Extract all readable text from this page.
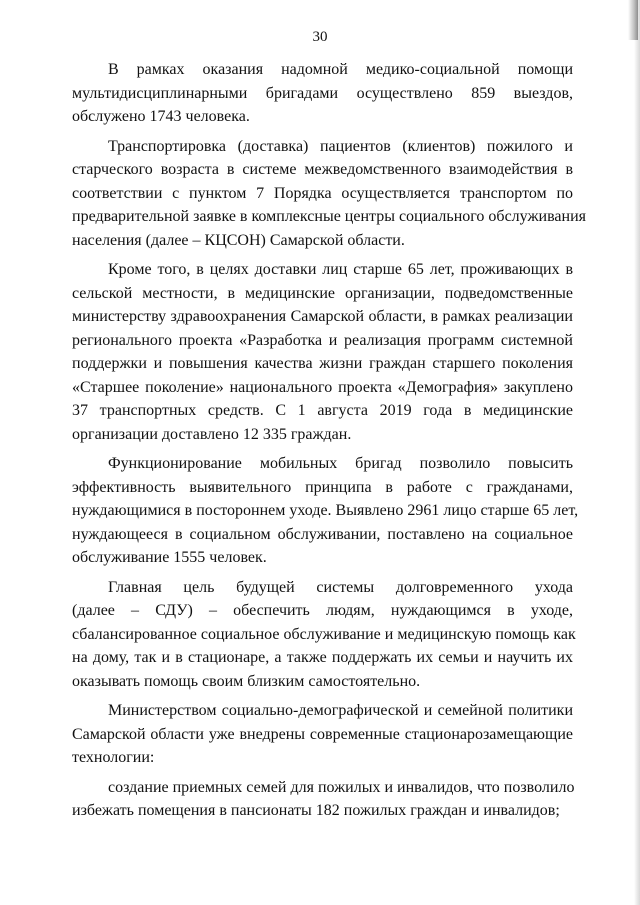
30
В рамках оказания надомной медико-социальной помощи
мультидисциплинарными бригадами осуществлено 859 выездов,
обслужено 1743 человека.
Транспортировка (доставка) пациентов (клиентов) пожилого и
старческого возраста в системе межведомственного взаимодействия в
соответствии с пунктом 7 Порядка осуществляется транспортом по
предварительной заявке в комплексные центры социального обслуживания
населения (далее – КЦСОН) Самарской области.
Кроме того, в целях доставки лиц старше 65 лет, проживающих в
сельской местности, в медицинские организации, подведомственные
министерству здравоохранения Самарской области, в рамках реализации
регионального проекта «Разработка и реализация программ системной
поддержки и повышения качества жизни граждан старшего поколения
«Старшее поколение» национального проекта «Демография» закуплено
37 транспортных средств. С 1 августа 2019 года в медицинские
организации доставлено 12 335 граждан.
Функционирование мобильных бригад позволило повысить
эффективность выявительного принципа в работе с гражданами,
нуждающимися в постороннем уходе. Выявлено 2961 лицо старше 65 лет,
нуждающееся в социальном обслуживании, поставлено на социальное
обслуживание 1555 человек.
Главная цель будущей системы долговременного ухода
(далее – СДУ) – обеспечить людям, нуждающимся в уходе,
сбалансированное социальное обслуживание и медицинскую помощь как
на дому, так и в стационаре, а также поддержать их семьи и научить их
оказывать помощь своим близким самостоятельно.
Министерством социально-демографической и семейной политики
Самарской области уже внедрены современные стационарозамещающие
технологии:
создание приемных семей для пожилых и инвалидов, что позволило
избежать помещения в пансионаты 182 пожилых граждан и инвалидов;
